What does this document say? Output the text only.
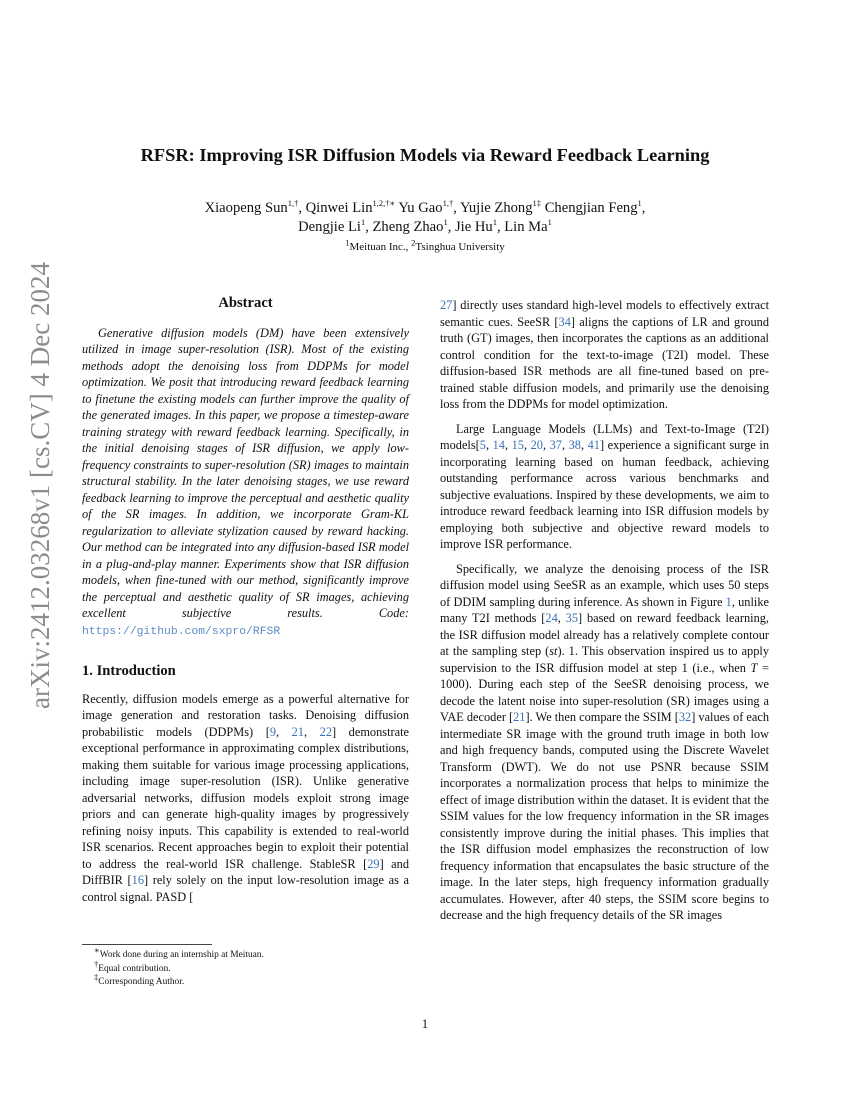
arXiv:2412.03268v1 [cs.CV] 4 Dec 2024
RFSR: Improving ISR Diffusion Models via Reward Feedback Learning
Xiaopeng Sun$^{1,\dagger}$, Qinwei Lin$^{1,2,\dagger∗}$ Yu Gao$^{1,\dagger}$, Yujie Zhong$^{1\ddagger}$ Chengjian Feng$^1$,
Dengjie Li$^1$, Zheng Zhao$^1$, Jie Hu$^1$, Lin Ma$^1$
$^1$Meituan Inc., $^2$Tsinghua University
Abstract

Generative diffusion models (DM) have been extensively utilized in image super-resolution (ISR). Most of the existing methods adopt the denoising loss from DDPMs for model optimization. We posit that introducing reward feedback learning to finetune the existing models can further improve the quality of the generated images. In this paper, we propose a timestep-aware training strategy with reward feedback learning. Specifically, in the initial denoising stages of ISR diffusion, we apply low-frequency constraints to super-resolution (SR) images to maintain structural stability. In the later denoising stages, we use reward feedback learning to improve the perceptual and aesthetic quality of the SR images. In addition, we incorporate Gram-KL regularization to alleviate stylization caused by reward hacking. Our method can be integrated into any diffusion-based ISR model in a plug-and-play manner. Experiments show that ISR diffusion models, when fine-tuned with our method, significantly improve the perceptual and aesthetic quality of SR images, achieving excellent subjective results. Code: https://github.com/sxpro/RFSR

1. Introduction

Recently, diffusion models emerge as a powerful alternative for image generation and restoration tasks. Denoising diffusion probabilistic models (DDPMs) [9, 21, 22] demonstrate exceptional performance in approximating complex distributions, making them suitable for various image processing applications, including image super-resolution (ISR). Unlike generative adversarial networks, diffusion models exploit strong image priors and can generate high-quality images by progressively refining noisy inputs. This capability is extended to real-world ISR scenarios. Recent approaches begin to exploit their potential to address the real-world ISR challenge. StableSR [29] and DiffBIR [16] rely solely on the input low-resolution image as a control signal. PASD [

∗Work done during an internship at Meituan.

†Equal contribution.

‡Corresponding Author.

27] directly uses standard high-level models to effectively extract semantic cues. SeeSR [34] aligns the captions of LR and ground truth (GT) images, then incorporates the captions as an additional control condition for the text-to-image (T2I) model. These diffusion-based ISR methods are all fine-tuned based on pre-trained stable diffusion models, and primarily use the denoising loss from the DDPMs for model optimization.

Large Language Models (LLMs) and Text-to-Image (T2I) models[5, 14, 15, 20, 37, 38, 41] experience a significant surge in incorporating learning based on human feedback, achieving outstanding performance across various benchmarks and subjective evaluations. Inspired by these developments, we aim to introduce reward feedback learning into ISR diffusion models by employing both subjective and objective reward models to improve ISR performance.

Specifically, we analyze the denoising process of the ISR diffusion model using SeeSR as an example, which uses 50 steps of DDIM sampling during inference. As shown in Figure 1, unlike many T2I methods [24, 35] based on reward feedback learning, the ISR diffusion model already has a relatively complete contour at the sampling step (st). 1. This observation inspired us to apply supervision to the ISR diffusion model at step 1 (i.e., when T = 1000). During each step of the SeeSR denoising process, we decode the latent noise into super-resolution (SR) images using a VAE decoder [21]. We then compare the SSIM [32] values of each intermediate SR image with the ground truth image in both low and high frequency bands, computed using the Discrete Wavelet Transform (DWT). We do not use PSNR because SSIM incorporates a normalization process that helps to minimize the effect of image distribution within the dataset. It is evident that the SSIM values for the low frequency information in the SR images consistently improve during the initial phases. This implies that the ISR diffusion model emphasizes the reconstruction of low frequency information that encapsulates the basic structure of the image. In the later steps, high frequency information gradually accumulates. However, after 40 steps, the SSIM score begins to decrease and the high frequency details of the SR images

1
